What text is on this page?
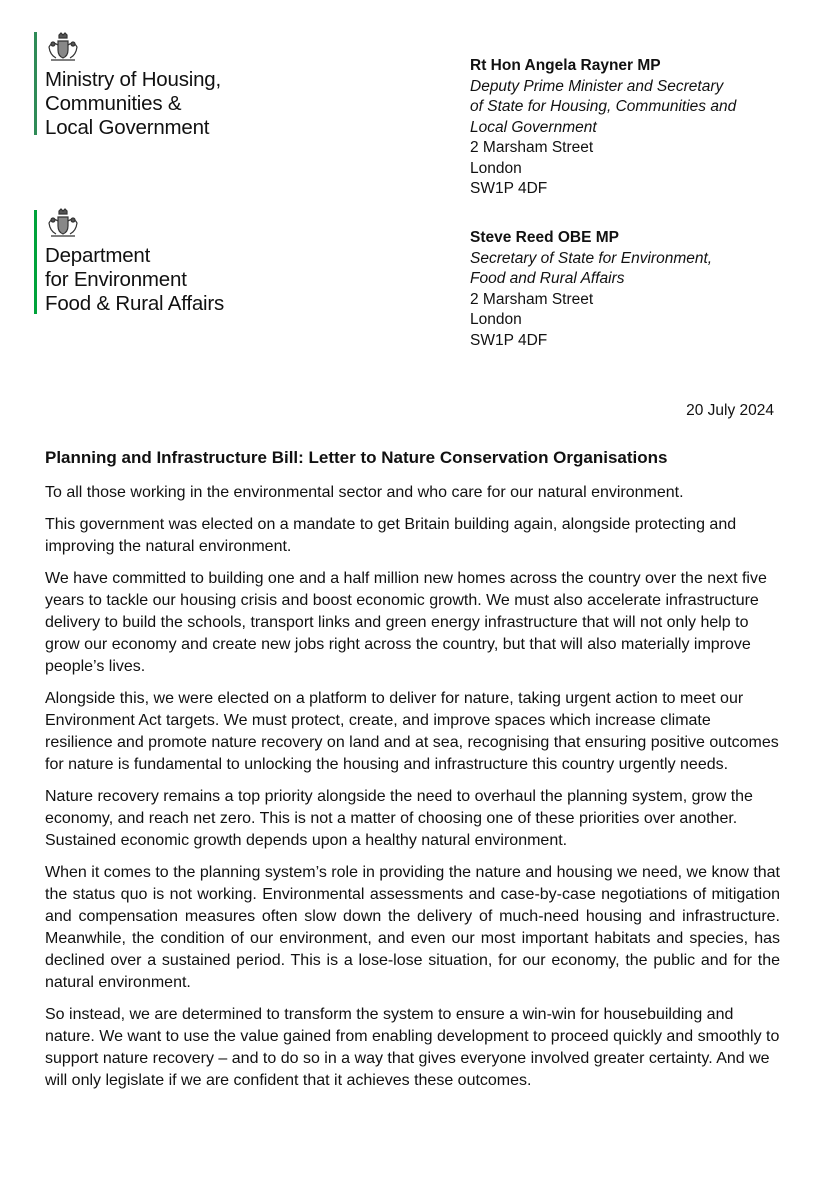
Ministry of Housing,
Communities &
Local Government
Department
for Environment
Food & Rural Affairs
Rt Hon Angela Rayner MP
Deputy Prime Minister and Secretary
of State for Housing, Communities and
Local Government
2 Marsham Street
London
SW1P 4DF
Steve Reed OBE MP
Secretary of State for Environment,
Food and Rural Affairs
2 Marsham Street
London
SW1P 4DF
20 July 2024
Planning and Infrastructure Bill: Letter to Nature Conservation Organisations

To all those working in the environmental sector and who care for our natural environment.

This government was elected on a mandate to get Britain building again, alongside protecting and improving the natural environment.

We have committed to building one and a half million new homes across the country over the next five years to tackle our housing crisis and boost economic growth. We must also accelerate infrastructure delivery to build the schools, transport links and green energy infrastructure that will not only help to grow our economy and create new jobs right across the country, but that will also materially improve people’s lives.

Alongside this, we were elected on a platform to deliver for nature, taking urgent action to meet our Environment Act targets. We must protect, create, and improve spaces which increase climate resilience and promote nature recovery on land and at sea, recognising that ensuring positive outcomes for nature is fundamental to unlocking the housing and infrastructure this country urgently needs.

Nature recovery remains a top priority alongside the need to overhaul the planning system, grow the economy, and reach net zero. This is not a matter of choosing one of these priorities over another. Sustained economic growth depends upon a healthy natural environment.

When it comes to the planning system’s role in providing the nature and housing we need, we know that the status quo is not working. Environmental assessments and case-by-case negotiations of mitigation and compensation measures often slow down the delivery of much-need housing and infrastructure. Meanwhile, the condition of our environment, and even our most important habitats and species, has declined over a sustained period. This is a lose-lose situation, for our economy, the public and for the natural environment.

So instead, we are determined to transform the system to ensure a win-win for housebuilding and nature. We want to use the value gained from enabling development to proceed quickly and smoothly to support nature recovery – and to do so in a way that gives everyone involved greater certainty. And we will only legislate if we are confident that it achieves these outcomes.
